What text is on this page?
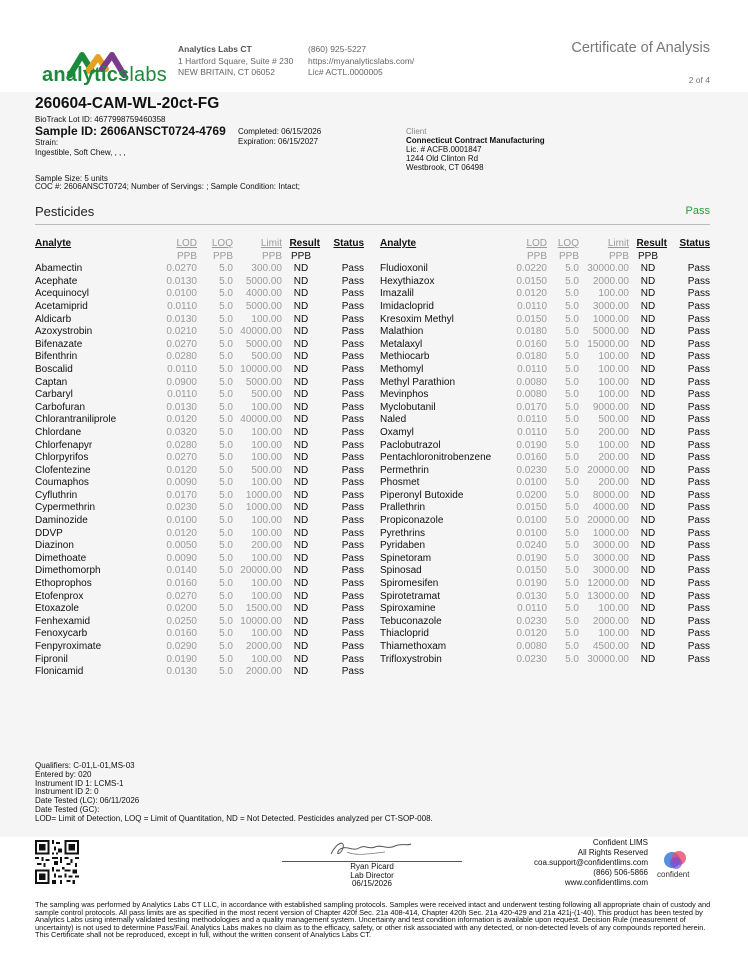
analyticslabs
Analytics Labs CT
1 Hartford Square, Suite # 230
NEW BRITAIN, CT 06052
(860) 925-5227
https://myanalyticslabs.com/
Lic# ACTL.0000005
Certificate of Analysis
2 of 4
260604-CAM-WL-20ct-FG
BioTrack Lot ID: 4677998759460358
Sample ID: 2606ANSCT0724-4769
Strain:
Ingestible, Soft Chew, , , ,
Completed: 06/15/2026
Expiration: 06/15/2027
Client
Connecticut Contract Manufacturing
Lic. # ACFB.0001847
1244 Old Clinton Rd
Westbrook, CT 06498
Sample Size: 5 units
COC #: 2606ANSCT0724; Number of Servings: ; Sample Condition: Intact;
Pesticides	Pass
Analyte	LOD	LOQ	Limit	Result	Status
	PPB	PPB	PPB	PPB	
Abamectin	0.0270	5.0	300.00	ND	Pass
Acephate	0.0130	5.0	5000.00	ND	Pass
Acequinocyl	0.0100	5.0	4000.00	ND	Pass
Acetamiprid	0.0110	5.0	5000.00	ND	Pass
Aldicarb	0.0130	5.0	100.00	ND	Pass
Azoxystrobin	0.0210	5.0	40000.00	ND	Pass
Bifenazate	0.0270	5.0	5000.00	ND	Pass
Bifenthrin	0.0280	5.0	500.00	ND	Pass
Boscalid	0.0110	5.0	10000.00	ND	Pass
Captan	0.0900	5.0	5000.00	ND	Pass
Carbaryl	0.0110	5.0	500.00	ND	Pass
Carbofuran	0.0130	5.0	100.00	ND	Pass
Chlorantraniliprole	0.0120	5.0	40000.00	ND	Pass
Chlordane	0.0320	5.0	100.00	ND	Pass
Chlorfenapyr	0.0280	5.0	100.00	ND	Pass
Chlorpyrifos	0.0270	5.0	100.00	ND	Pass
Clofentezine	0.0120	5.0	500.00	ND	Pass
Coumaphos	0.0090	5.0	100.00	ND	Pass
Cyfluthrin	0.0170	5.0	1000.00	ND	Pass
Cypermethrin	0.0230	5.0	1000.00	ND	Pass
Daminozide	0.0100	5.0	100.00	ND	Pass
DDVP	0.0120	5.0	100.00	ND	Pass
Diazinon	0.0050	5.0	200.00	ND	Pass
Dimethoate	0.0090	5.0	100.00	ND	Pass
Dimethomorph	0.0140	5.0	20000.00	ND	Pass
Ethoprophos	0.0160	5.0	100.00	ND	Pass
Etofenprox	0.0270	5.0	100.00	ND	Pass
Etoxazole	0.0200	5.0	1500.00	ND	Pass
Fenhexamid	0.0250	5.0	10000.00	ND	Pass
Fenoxycarb	0.0160	5.0	100.00	ND	Pass
Fenpyroximate	0.0290	5.0	2000.00	ND	Pass
Fipronil	0.0190	5.0	100.00	ND	Pass
Flonicamid	0.0130	5.0	2000.00	ND	Pass
Analyte	LOD	LOQ	Limit	Result	Status
	PPB	PPB	PPB	PPB	
Fludioxonil	0.0220	5.0	30000.00	ND	Pass
Hexythiazox	0.0150	5.0	2000.00	ND	Pass
Imazalil	0.0120	5.0	100.00	ND	Pass
Imidacloprid	0.0110	5.0	3000.00	ND	Pass
Kresoxim Methyl	0.0150	5.0	1000.00	ND	Pass
Malathion	0.0180	5.0	5000.00	ND	Pass
Metalaxyl	0.0160	5.0	15000.00	ND	Pass
Methiocarb	0.0180	5.0	100.00	ND	Pass
Methomyl	0.0110	5.0	100.00	ND	Pass
Methyl Parathion	0.0080	5.0	100.00	ND	Pass
Mevinphos	0.0080	5.0	100.00	ND	Pass
Myclobutanil	0.0170	5.0	9000.00	ND	Pass
Naled	0.0110	5.0	500.00	ND	Pass
Oxamyl	0.0110	5.0	200.00	ND	Pass
Paclobutrazol	0.0190	5.0	100.00	ND	Pass
Pentachloronitrobenzene	0.0160	5.0	200.00	ND	Pass
Permethrin	0.0230	5.0	20000.00	ND	Pass
Phosmet	0.0100	5.0	200.00	ND	Pass
Piperonyl Butoxide	0.0200	5.0	8000.00	ND	Pass
Prallethrin	0.0150	5.0	4000.00	ND	Pass
Propiconazole	0.0100	5.0	20000.00	ND	Pass
Pyrethrins	0.0100	5.0	1000.00	ND	Pass
Pyridaben	0.0240	5.0	3000.00	ND	Pass
Spinetoram	0.0190	5.0	3000.00	ND	Pass
Spinosad	0.0150	5.0	3000.00	ND	Pass
Spiromesifen	0.0190	5.0	12000.00	ND	Pass
Spirotetramat	0.0130	5.0	13000.00	ND	Pass
Spiroxamine	0.0110	5.0	100.00	ND	Pass
Tebuconazole	0.0230	5.0	2000.00	ND	Pass
Thiacloprid	0.0120	5.0	100.00	ND	Pass
Thiamethoxam	0.0080	5.0	4500.00	ND	Pass
Trifloxystrobin	0.0230	5.0	30000.00	ND	Pass
Qualifiers: C-01,L-01,MS-03
Entered by: 020
Instrument ID 1: LCMS-1
Instrument ID 2: 0
Date Tested (LC): 06/11/2026
Date Tested (GC):
LOD= Limit of Detection, LOQ = Limit of Quantitation, ND = Not Detected. Pesticides analyzed per CT-SOP-008.
Ryan Picard
Lab Director
06/15/2026
Confident LIMS
All Rights Reserved
coa.support@confidentlims.com
(866) 506-5866
www.confidentlims.com
confident
The sampling was performed by Analytics Labs CT LLC, in accordance with established sampling protocols. Samples were received intact and underwent testing following all appropriate chain of custody and sample control protocols. All pass limits are as specified in the most recent version of Chapter 420f Sec. 21a 408-414, Chapter 420h Sec. 21a 420-429 and 21a 421j-(1-40). This product has been tested by Analytics Labs using internally validated testing methodologies and a quality management system. Uncertainty and test condition information is available upon request. Decision Rule (measurement of uncertainty) is not used to determine Pass/Fail. Analytics Labs makes no claim as to the efficacy, safety, or other risk associated with any detected, or non-detected levels of any compounds reported herein. This Certificate shall not be reproduced, except in full, without the written consent of Analytics Labs CT.
